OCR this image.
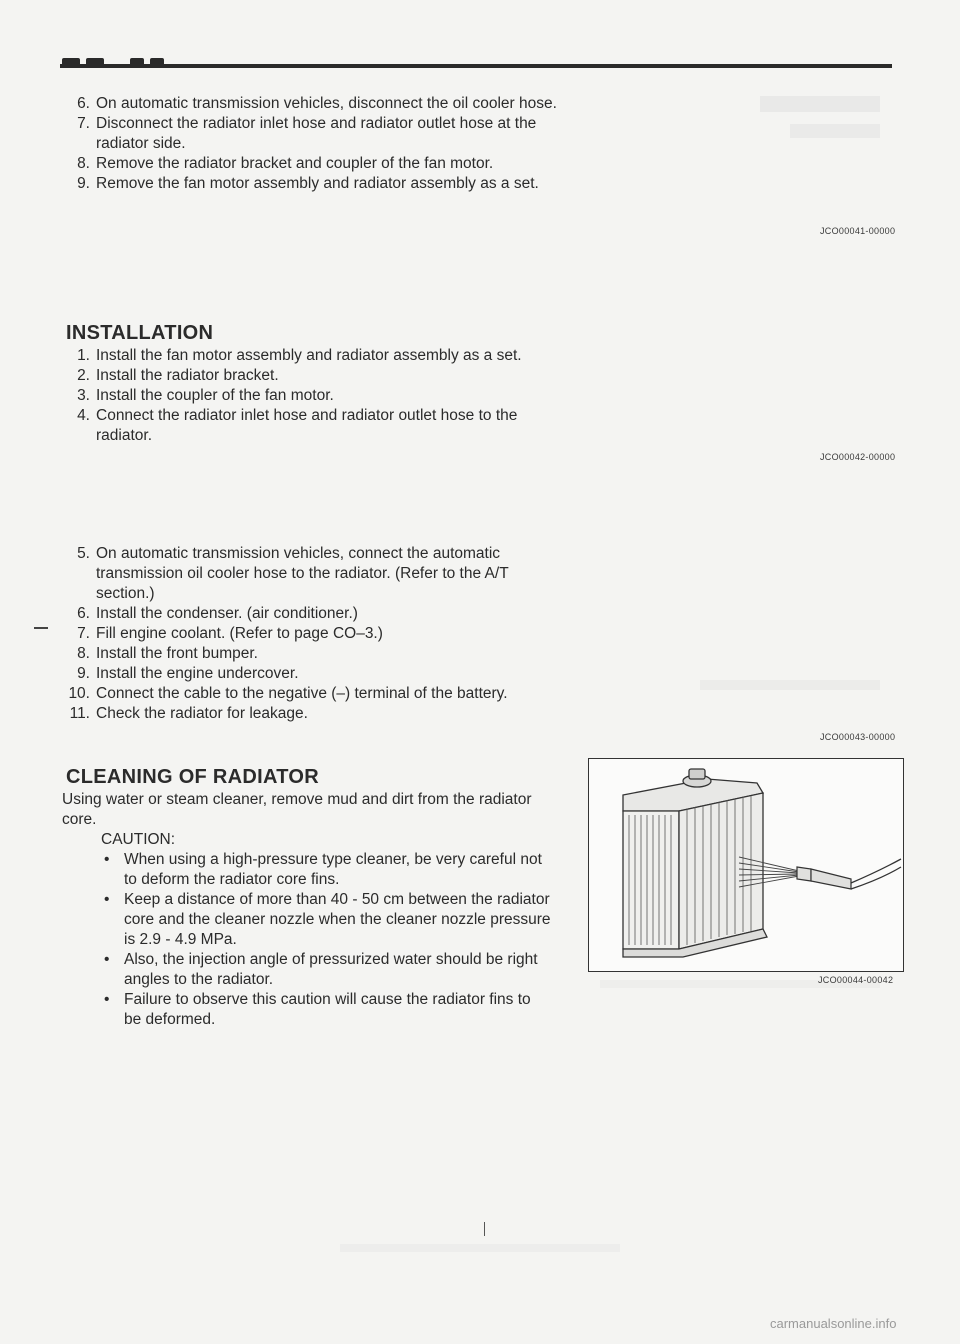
6. On automatic transmission vehicles, disconnect the oil cooler hose.
7. Disconnect the radiator inlet hose and radiator outlet hose at the radiator side.
8. Remove the radiator bracket and coupler of the fan motor.
9. Remove the fan motor assembly and radiator assembly as a set.
JCO00041-00000
INSTALLATION
1. Install the fan motor assembly and radiator assembly as a set.
2. Install the radiator bracket.
3. Install the coupler of the fan motor.
4. Connect the radiator inlet hose and radiator outlet hose to the radiator.
JCO00042-00000
5. On automatic transmission vehicles, connect the automatic transmission oil cooler hose to the radiator. (Refer to the A/T section.)
6. Install the condenser. (air conditioner.)
7. Fill engine coolant. (Refer to page CO–3.)
8. Install the front bumper.
9. Install the engine undercover.
10. Connect the cable to the negative (–) terminal of the battery.
11. Check the radiator for leakage.
JCO00043-00000
CLEANING OF RADIATOR
Using water or steam cleaner, remove mud and dirt from the radiator core.
CAUTION:
• When using a high-pressure type cleaner, be very careful not to deform the radiator core fins.
• Keep a distance of more than 40 - 50 cm between the radiator core and the cleaner nozzle when the cleaner nozzle pressure is 2.9 - 4.9 MPa.
• Also, the injection angle of pressurized water should be right angles to the radiator.
• Failure to observe this caution will cause the radiator fins to be deformed.
JCO00044-00042
carmanualsonline.info
